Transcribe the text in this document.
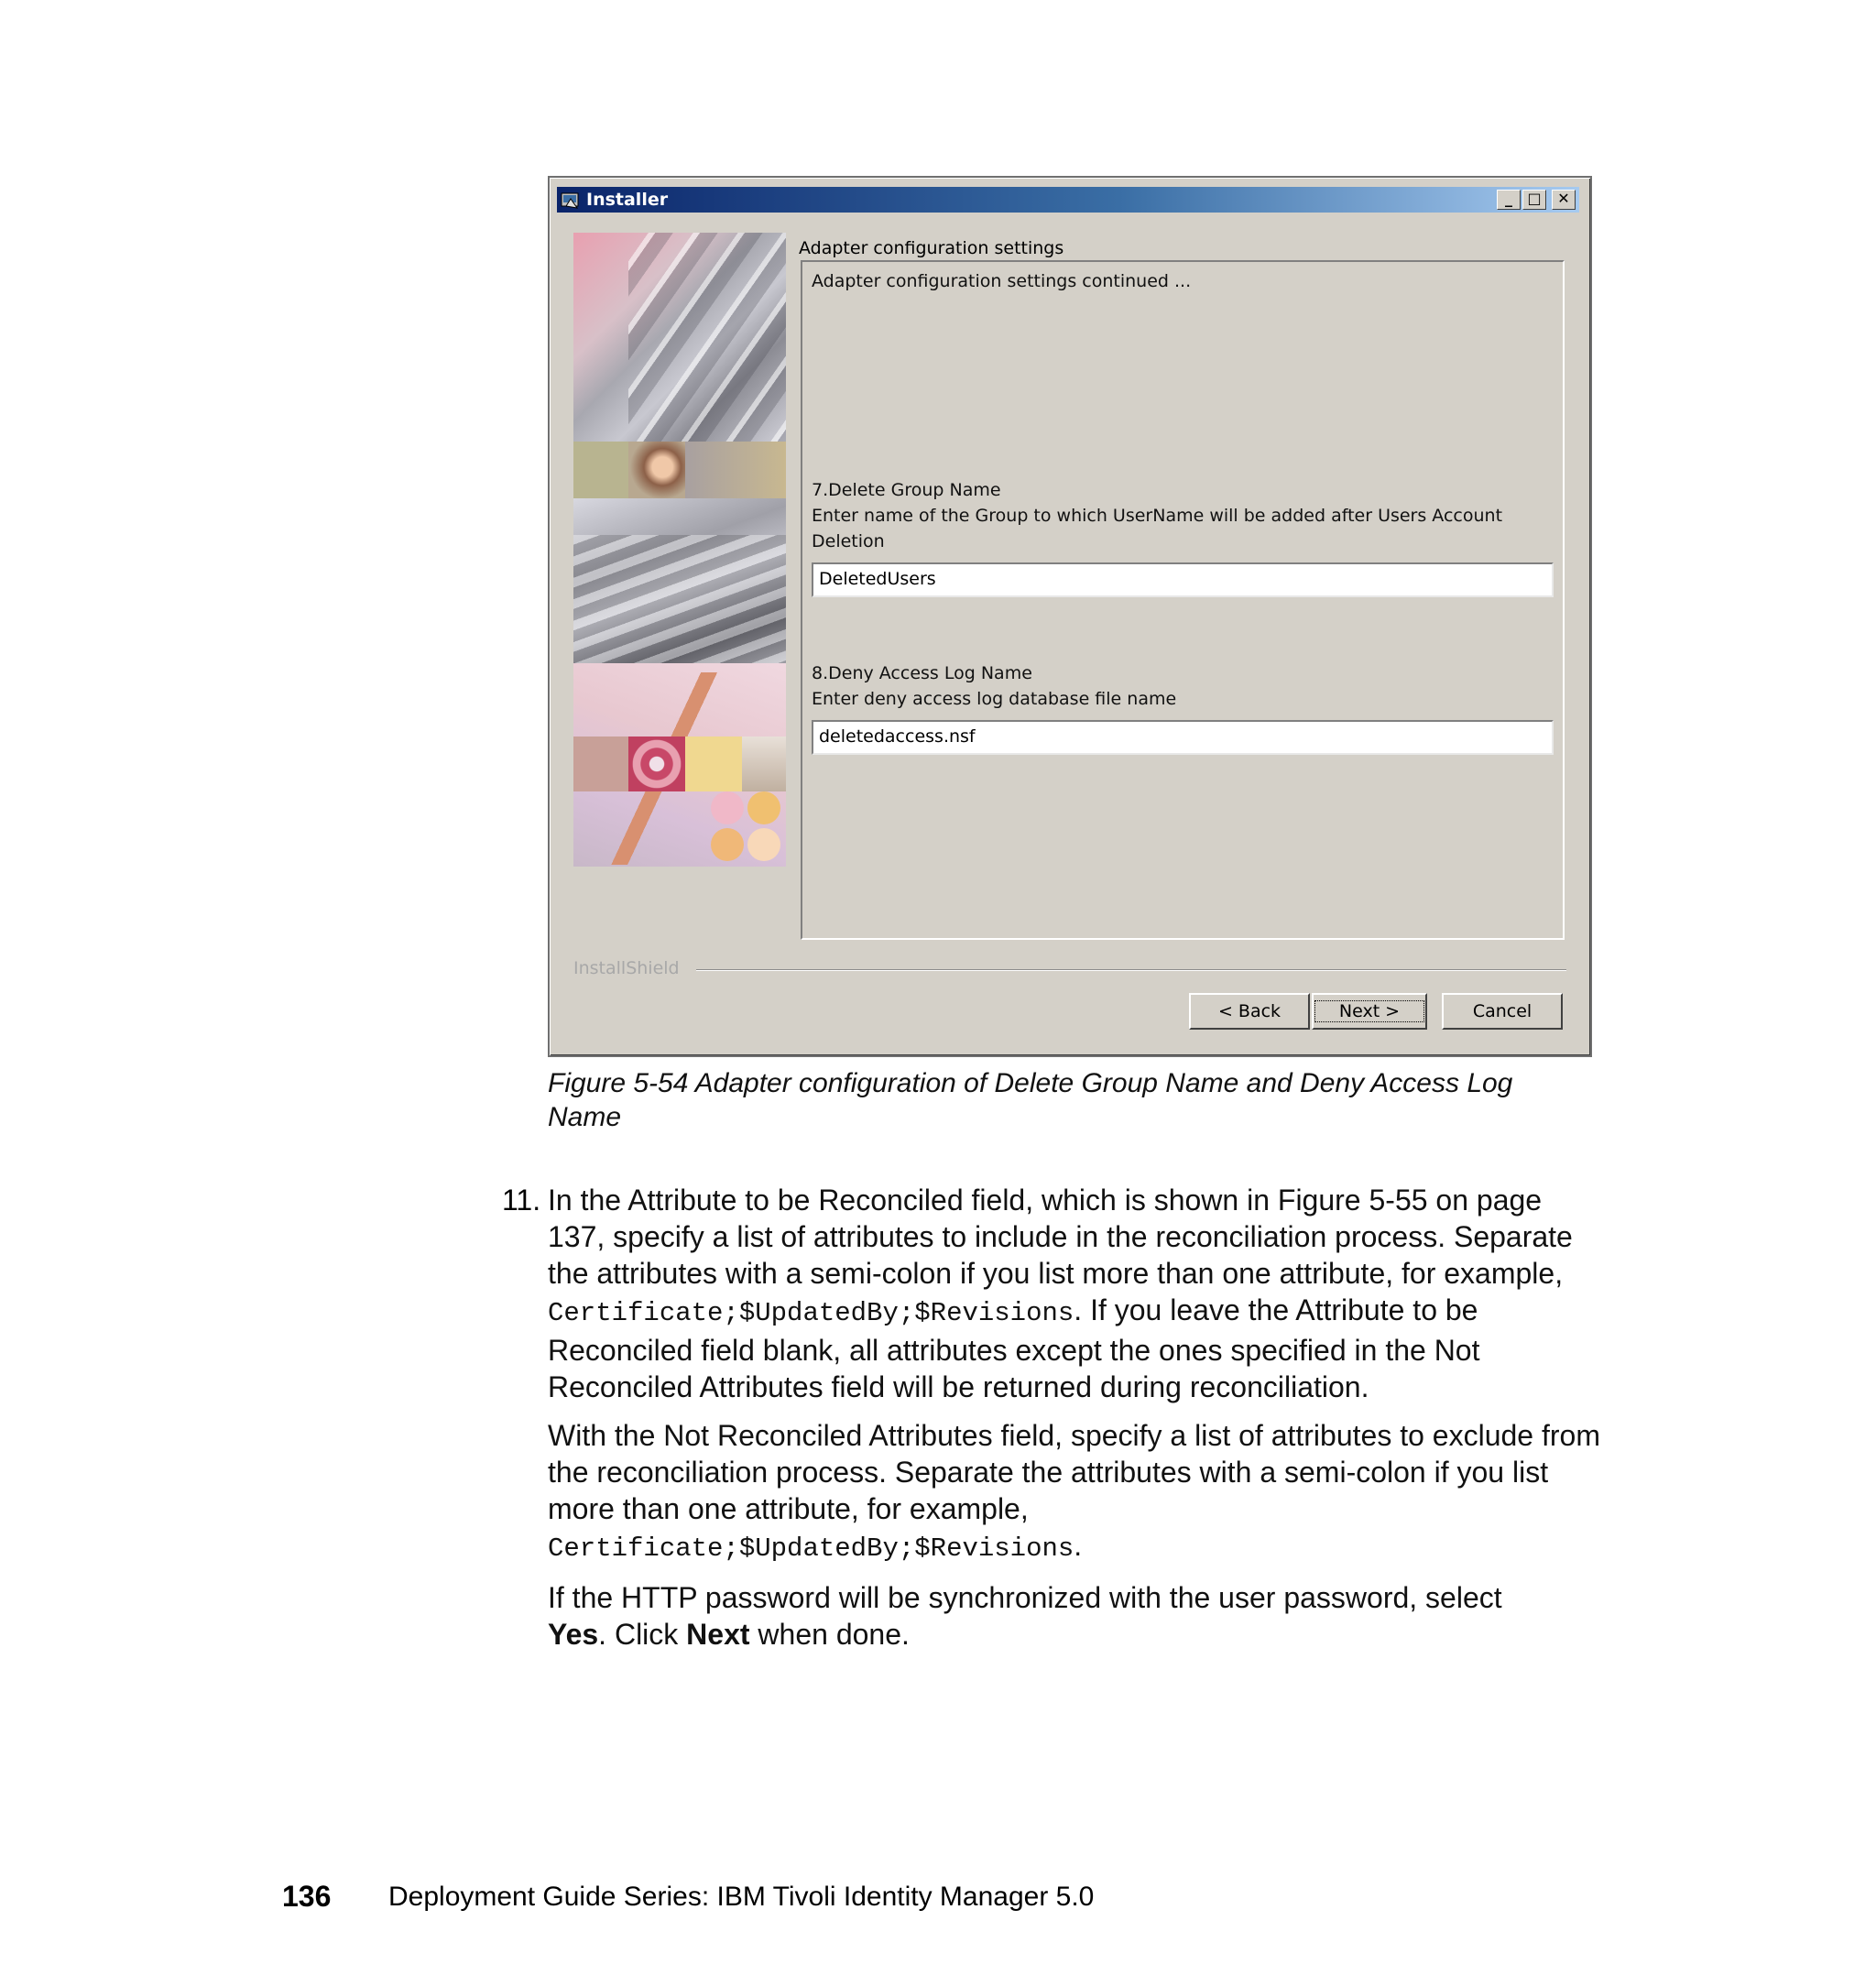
Installer	_	□	✕
Adapter configuration settings
Adapter configuration settings continued ...
7.Delete Group Name
Enter name of the Group to which UserName will be added after Users Account
Deletion
DeletedUsers
8.Deny Access Log Name
Enter deny access log database file name
deletedaccess.nsf
InstallShield
< Back	Next >	Cancel
Figure 5-54 Adapter configuration of Delete Group Name and Deny Access Log
Name
11. In the Attribute to be Reconciled field, which is shown in Figure 5-55 on page 137, specify a list of attributes to include in the reconciliation process. Separate the attributes with a semi-colon if you list more than one attribute, for example, Certificate;$UpdatedBy;$Revisions. If you leave the Attribute to be Reconciled field blank, all attributes except the ones specified in the Not Reconciled Attributes field will be returned during reconciliation.
With the Not Reconciled Attributes field, specify a list of attributes to exclude from the reconciliation process. Separate the attributes with a semi-colon if you list more than one attribute, for example,
Certificate;$UpdatedBy;$Revisions.
If the HTTP password will be synchronized with the user password, select
Yes. Click Next when done.
136 Deployment Guide Series: IBM Tivoli Identity Manager 5.0
